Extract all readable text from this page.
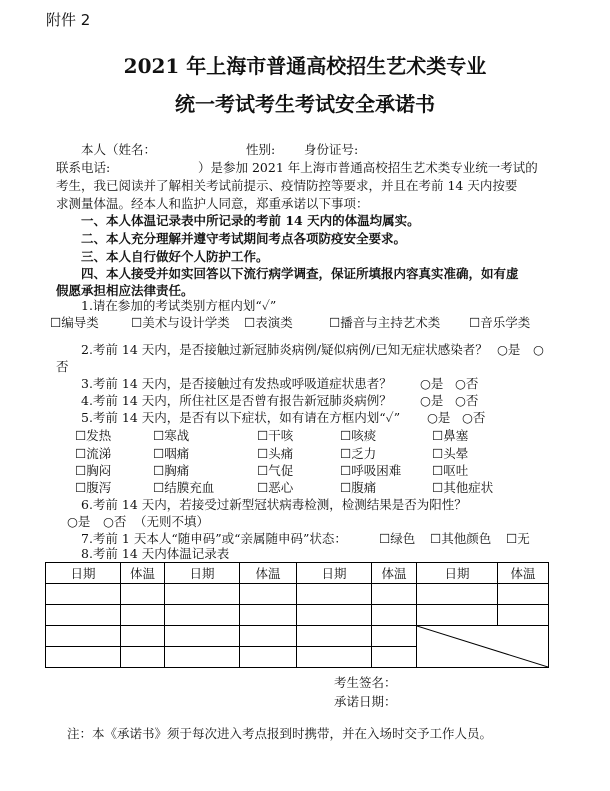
附件 2
2021 年上海市普通高校招生艺术类专业
统一考试考生考试安全承诺书
本人（姓名：	性别: 身份证号:
联系电话:	）是参加 2021 年上海市普通高校招生艺术类专业统一考试的
考生，我已阅读并了解相关考试前提示、疫情防控等要求，并且在考前 14 天内按要
求测量体温。经本人和监护人同意，郑重承诺以下事项：
一、本人体温记录表中所记录的考前 14 天内的体温均属实。
二、本人充分理解并遵守考试期间考点各项防疫安全要求。
三、本人自行做好个人防护工作。
四、本人接受并如实回答以下流行病学调查，保证所填报内容真实准确，如有虚
假愿承担相应法律责任。
1.请在参加的考试类别方框内划“✓”
☐编导类	☐美术与设计学类 ☐表演类	☐播音与主持艺术类 ☐音乐学类
2.考前 14 天内，是否接触过新冠肺炎病例/疑似病例/已知无症状感染者？ ○是 ○
否
3.考前 14 天内，是否接触过有发热或呼吸道症状患者？ ○是 ○否
4.考前 14 天内，所住社区是否曾有报告新冠肺炎病例？ ○是 ○否
5.考前 14 天内，是否有以下症状，如有请在方框内划“✓” ○是 ○否
☐发热	☐寒战	☐干咳	☐咳痰	☐鼻塞
☐流涕	☐咽痛	☐头痛	☐乏力	☐头晕
☐胸闷	☐胸痛	☐气促	☐呼吸困难 ☐呕吐
☐腹泻	☐结膜充血	☐恶心	☐腹痛	☐其他症状
6.考前 14 天内，若接受过新型冠状病毒检测，检测结果是否为阳性？
○是 ○否 （无则不填）
7.考前 1 天本人“随申码”或“亲属随申码”状态：	☐绿色 ☐其他颜色 ☐无
8.考前 14 天内体温记录表
日期	体温	日期	体温	日期	体温	日期	体温

考生签名：
承诺日期：
注：本《承诺书》须于每次进入考点报到时携带，并在入场时交予工作人员。
